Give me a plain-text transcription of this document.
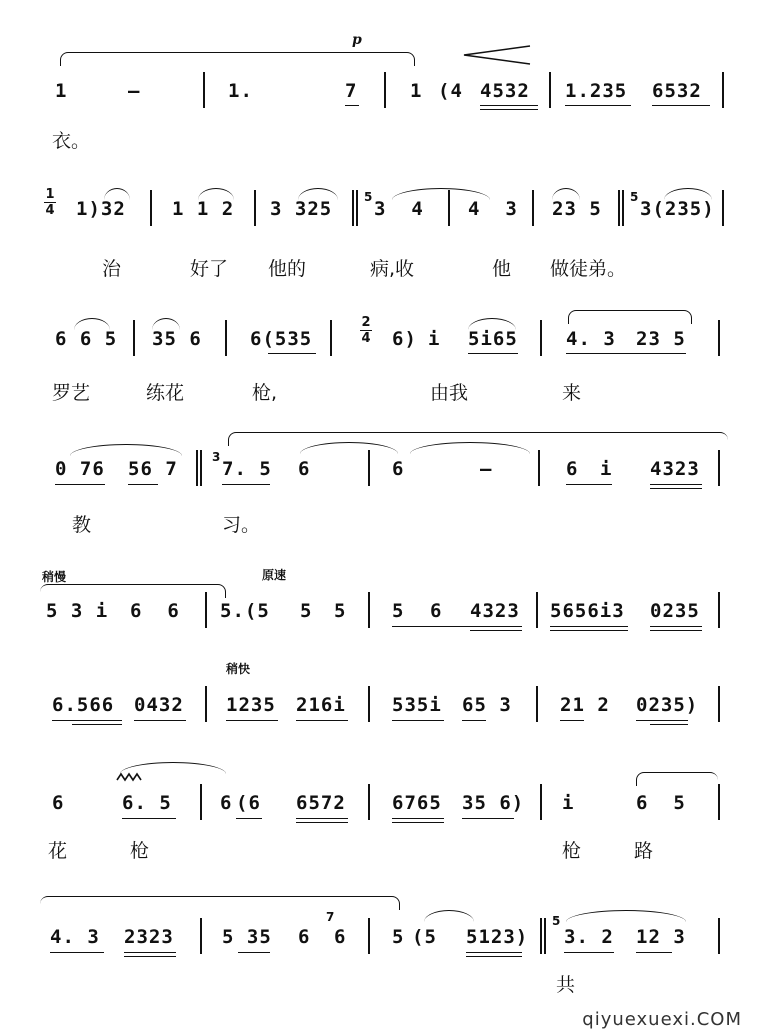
p
1	–	1.	7	1 (4 4532 1.235 6532
衣。
1
4 1)32 1 1 2 3 325
5
3  4 4  3 23 5
5
3(235)
治	好了 他的	病,收	他 做徒弟。
6 6 5 35 6	6(535
2
4 6) i 5i65	4. 3 23 5
罗艺	练花	枪,	由我	来
0 76 56 7
3
7. 5 6	6	–	6 i 4323
教	习。
稍慢	原速
5 3 i 6  6 5.(5 5 5 5 6 4323 5656i3 0235
稍快
6.566 0432 1235 216i 535i 65 3	21 2 0235)
6	6. 5	6 (6 6572 6765 35 6) i	6  5
花	枪	枪	路
4. 3 2323	5 35 6
7
6 5 (5 5123)
5
3. 2 12 3
共
qiyuexuexi.COM
